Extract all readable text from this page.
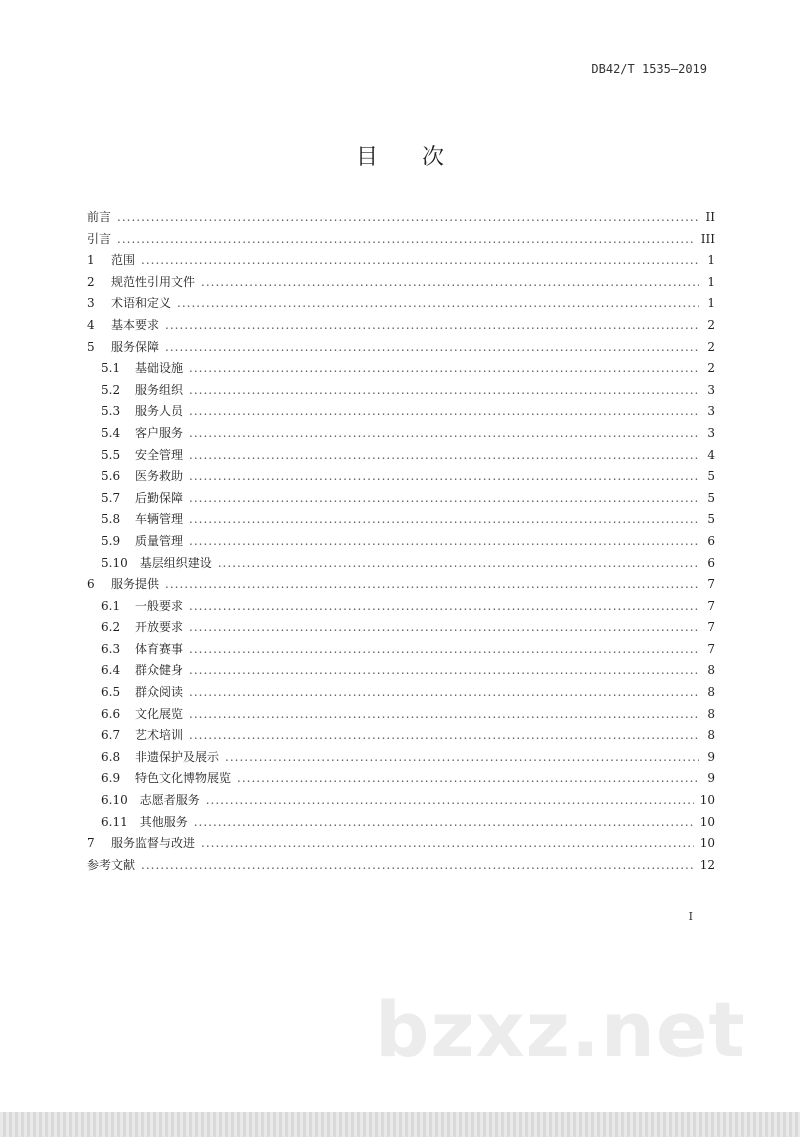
DB42/T 1535—2019
目次
前言 .....	II
引言 .....	III
1	范围 .....	1
2	规范性引用文件 .....	1
3	术语和定义 .....	1
4	基本要求 .....	2
5	服务保障 .....	2
5.1 基础设施 .....	2
5.2 服务组织 .....	3
5.3 服务人员 .....	3
5.4 客户服务 .....	3
5.5 安全管理 .....	4
5.6 医务救助 .....	5
5.7 后勤保障 .....	5
5.8 车辆管理 .....	5
5.9 质量管理 .....	6
5.10 基层组织建设 .....	6
6	服务提供 .....	7
6.1 一般要求 .....	7
6.2 开放要求 .....	7
6.3 体育赛事 .....	7
6.4 群众健身 .....	8
6.5 群众阅读 .....	8
6.6 文化展览 .....	8
6.7 艺术培训 .....	8
6.8 非遗保护及展示 .....	9
6.9 特色文化博物展览 .....	9
6.10 志愿者服务 .....	10
6.11 其他服务 .....	10
7	服务监督与改进 .....	10
参考文献 .....	12
I
bzxz.net
